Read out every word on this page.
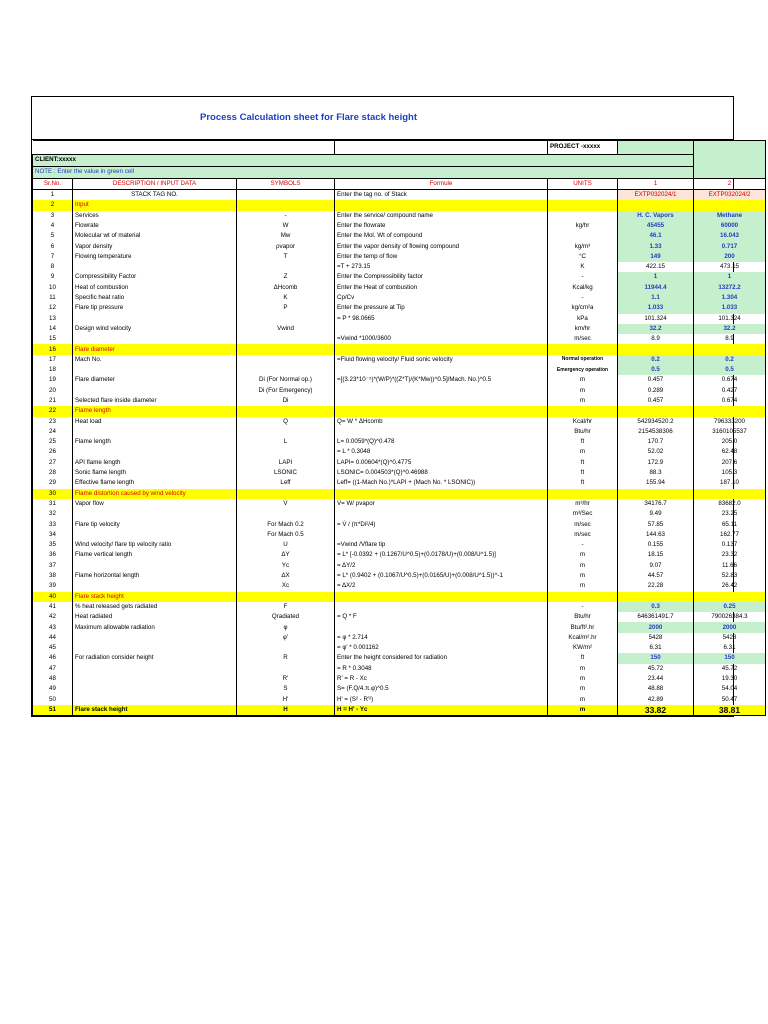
Process Calculation sheet for Flare stack height
				PROJECT -xxxxx		
CLIENT:xxxxx						
NOTE : Enter the value in green cell						
Sr.No.	DESCRIPTION / INPUT DATA	SYMBOLS	Formule	UNITS	1	2
1	STACK TAG NO.		Enter the tag no. of Stack		EXTP032024/1	EXTP032024/2
2	Input					
3	Services	-	Enter the service/ compound name		H. C. Vapors	Methane
4	Flowrate	W	Enter the flowrate	kg/hr	45455	60000
5	Molecular wt of material	Mw	Enter the Mol. Wt of compound		46.1	16.043
6	Vapor density	ρvapor	Enter the vapor density of flowing compound	kg/m³	1.33	0.717
7	Flowing temperature	T	Enter the temp of flow	°C	149	200
8			=T + 273.15	K	422.15	473.15
9	Compressibility Factor	Z	Enter the Compressibility factor	-	1	1
10	Heat of combustion	ΔHcomb	Enter the Heat of combustion	Kcal/kg	11944.4	13272.2
11	Specific heat ratio	K	Cp/Cv	-	1.1	1.304
12	Flare tip pressure	P	Enter the pressure at Tip	kg/cm²a	1.033	1.033
13			= P * 98.0665	kPa	101.324	101.324
14	Design wind velocity	Vwind		km/hr	32.2	32.2
15			=Vwind *1000/3600	m/sec	8.9	8.9
16	Flare diameter					
17	Mach No.		=Fluid flowing velocity/ Fluid sonic velocity	Normal operation	0.2	0.2
18				Emergency operation	0.5	0.5
19	Flare diameter	Di (For Normal op.)	=[(3.23*10⁻⁵)*(W/P)*((Z*T)/(K*Mw))^0.5]/Mach. No.)^0.5	m	0.457	0.674
20		Di (For Emergency)		m	0.289	0.427
21	Selected flare inside diameter	Di		m	0.457	0.674
22	Flame length					
23	Heat load	Q	Q= W * ΔHcomb	Kcal/hr	542934520.2	796333200
24				Btu/hr	2154538306	3160105537
25	Flame length	L	L= 0.0059*(Q)^0.478	ft	170.7	205.0
26			= L * 0.3048	m	52.02	62.48
27	API flame length	LAPI	LAPI= 0.00604*(Q)^0.4775	ft	172.9	207.6
28	Sonic flame length	LSONIC	LSONIC= 0.004503*(Q)^0.46988	ft	88.3	105.3
29	Effective flame length	Leff	Leff= ((1-Mach No.)*LAPI + (Mach No. * LSONIC))	ft	155.94	187.10
30	Flame distortion caused by wind velocity					
31	Vapor flow	V̇	V̇= W/ ρvapor	m³/hr	34176.7	83682.0
32				m³/Sec	9.49	23.25
33	Flare tip velocity	For Mach 0.2	= V̇ / (π*Di²/4)	m/sec	57.85	65.11
34		For Mach 0.5		m/sec	144.63	162.77
35	Wind velocity/ flare tip velocity ratio	U	=Vwind /Vflare tip	-	0.155	0.137
36	Flame vertical length	ΔY	= L* [-0.0392 + (0.1267/U^0.5)+(0.0178/U)+(0.008/U^1.5)]	m	18.15	23.32
37		Yc	= ΔY/2	m	9.07	11.66
38	Flame horizontal length	ΔX	= L* (0.9402 + (0.1067/U^0.5)+(0.0165/U)+(0.008/U^1.5))^-1	m	44.57	52.83
39		Xc	= ΔX/2	m	22.28	26.42
40	Flare stack height					
41	% heat released gets radiated	F		-	0.3	0.25
42	Heat radiated	Qradiated	= Q * F	Btu/hr	646361491.7	790026384.3
43	Maximum allowable radiation	φ		Btu/ft².hr	2000	2000
44		φ'	= φ * 2.714	Kcal/m².hr	5428	5428
45			= φ' * 0.001162	KW/m²	6.31	6.31
46	For radiation consider height	R	Enter the height considered for radiation	ft	150	150
47			= R * 0.3048	m	45.72	45.72
48		R'	R' = R - Xc	m	23.44	19.30
49		S	S= (F.Q/4.π.φ)^0.5	m	48.88	54.04
50		H'	H' = (S² - R'²)	m	42.89	50.47
51	Flare stack height	H	H = H' - Yc	m	33.82	38.81
